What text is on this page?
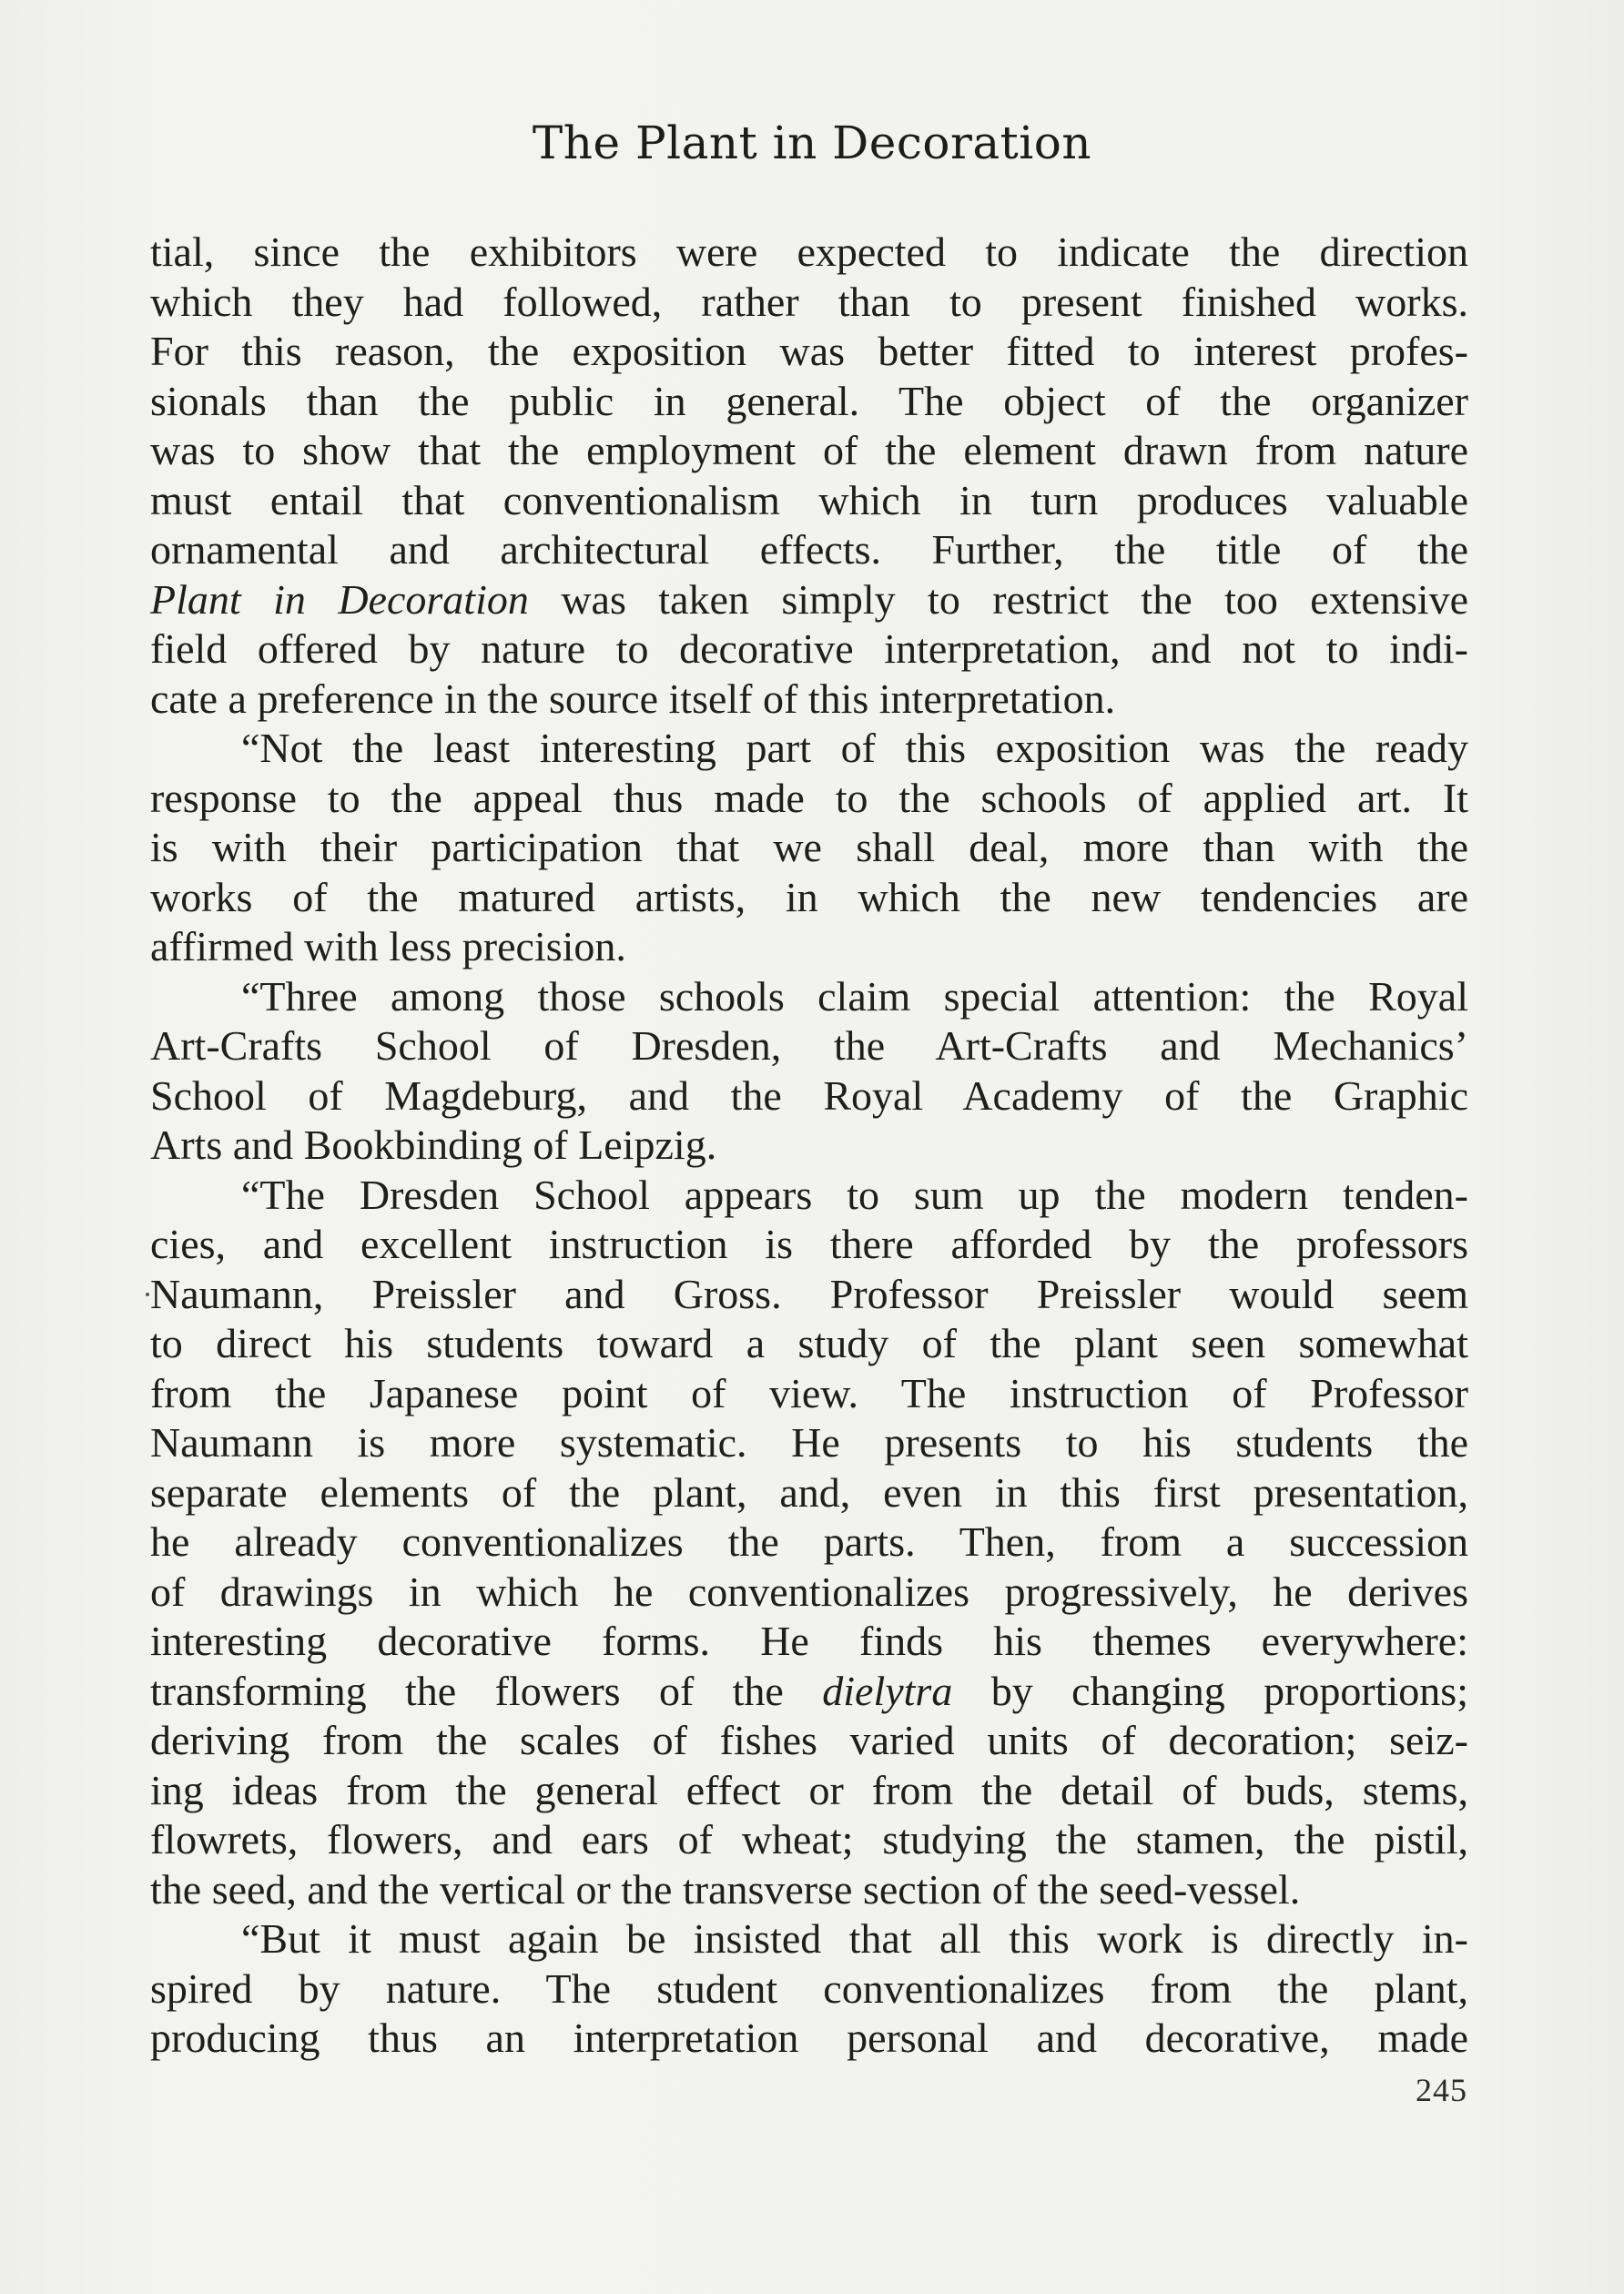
The Plant in Decoration
tial, since the exhibitors were expected to indicate the direction
which they had followed, rather than to present finished works.
For this reason, the exposition was better fitted to interest profes-
sionals than the public in general. The object of the organizer
was to show that the employment of the element drawn from nature
must entail that conventionalism which in turn produces valuable
ornamental and architectural effects. Further, the title of the
Plant in Decoration was taken simply to restrict the too extensive
field offered by nature to decorative interpretation, and not to indi-
cate a preference in the source itself of this interpretation.
“Not the least interesting part of this exposition was the ready
response to the appeal thus made to the schools of applied art. It
is with their participation that we shall deal, more than with the
works of the matured artists, in which the new tendencies are
affirmed with less precision.
“Three among those schools claim special attention: the Royal
Art-Crafts School of Dresden, the Art-Crafts and Mechanics’
School of Magdeburg, and the Royal Academy of the Graphic
Arts and Bookbinding of Leipzig.
“The Dresden School appears to sum up the modern tenden-
cies, and excellent instruction is there afforded by the professors
Naumann, Preissler and Gross. Professor Preissler would seem
to direct his students toward a study of the plant seen somewhat
from the Japanese point of view. The instruction of Professor
Naumann is more systematic. He presents to his students the
separate elements of the plant, and, even in this first presentation,
he already conventionalizes the parts. Then, from a succession
of drawings in which he conventionalizes progressively, he derives
interesting decorative forms. He finds his themes everywhere:
transforming the flowers of the dielytra by changing proportions;
deriving from the scales of fishes varied units of decoration; seiz-
ing ideas from the general effect or from the detail of buds, stems,
flowrets, flowers, and ears of wheat; studying the stamen, the pistil,
the seed, and the vertical or the transverse section of the seed-vessel.
“But it must again be insisted that all this work is directly in-
spired by nature. The student conventionalizes from the plant,
producing thus an interpretation personal and decorative, made
245
